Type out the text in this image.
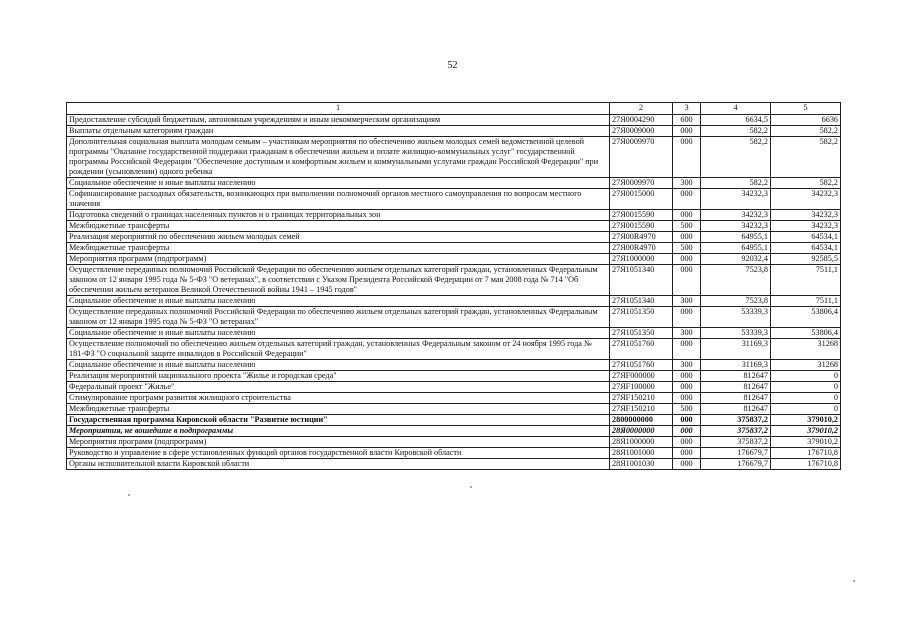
52
1	2	3	4	5
Предоставление субсидий бюджетным, автономным учреждениям и иным некоммерческим организациям	27Я0004290	600	6634,5	6636
Выплаты отдельным категориям граждан	27Я0009000	000	582,2	582,2
Дополнительная социальная выплата молодым семьям – участникам мероприятия по обеспечению жильем молодых семей ведомственной целевой программы "Оказание государственной поддержки гражданам в обеспечении жильем и оплате жилищно-коммунальных услуг" государственной программы Российской Федерации "Обеспечение доступным и комфортным жильем и коммунальными услугами граждан Российской Федерации" при рождении (усыновлении) одного ребенка	27Я0009970	000	582,2	582,2
Социальное обеспечение и иные выплаты населению	27Я0009970	300	582,2	582,2
Софинансирование расходных обязательств, возникающих при выполнении полномочий органов местного самоуправления по вопросам местного значения	27Я0015000	000	34232,3	34232,3
Подготовка сведений о границах населенных пунктов и о границах территориальных зон	27Я0015590	000	34232,3	34232,3
Межбюджетные трансферты	27Я0015590	500	34232,3	34232,3
Реализация мероприятий по обеспечению жильем молодых семей	27Я00R4970	000	64955,1	64534,1
Межбюджетные трансферты	27Я00R4970	500	64955,1	64534,1
Мероприятия программ (подпрограмм)	27Я1000000	000	92032,4	92585,5
Осуществление переданных полномочий Российской Федерации по обеспечению жильем отдельных категорий граждан, установленных Федеральным законом от 12 января 1995 года № 5-ФЗ "О ветеранах", в соответствии с Указом Президента Российской Федерации от 7 мая 2008 года № 714 "Об обеспечении жильем ветеранов Великой Отечественной войны 1941 – 1945 годов"	27Я1051340	000	7523,8	7511,1
Социальное обеспечение и иные выплаты населению	27Я1051340	300	7523,8	7511,1
Осуществление переданных полномочий Российской Федерации по обеспечению жильем отдельных категорий граждан, установленных Федеральным законом от 12 января 1995 года № 5-ФЗ "О ветеранах"	27Я1051350	000	53339,3	53806,4
Социальное обеспечение и иные выплаты населению	27Я1051350	300	53339,3	53806,4
Осуществление полномочий по обеспечению жильем отдельных категорий граждан, установленных Федеральным законом от 24 ноября 1995 года № 181-ФЗ "О социальной защите инвалидов в Российской Федерации"	27Я1051760	000	31169,3	31268
Социальное обеспечение и иные выплаты населению	27Я1051760	300	31169,3	31268
Реализация мероприятий национального проекта "Жилье и городская среда"	27ЯF000000	000	812647	0
Федеральный проект "Жилье"	27ЯF100000	000	812647	0
Стимулирование программ развития жилищного строительства	27ЯF150210	000	812647	0
Межбюджетные трансферты	27ЯF150210	500	812647	0
Государственная программа Кировской области "Развитие юстиции"	2800000000	000	375837,2	379010,2
Мероприятия, не вошедшие в подпрограммы	28Я0000000	000	375837,2	379010,2
Мероприятия программ (подпрограмм)	28Я1000000	000	375837,2	379010,2
Руководство и управление в сфере установленных функций органов государственной власти Кировской области	28Я1001000	000	176679,7	176710,8
Органы исполнительной власти Кировской области	28Я1001030	000	176679,7	176710,8
